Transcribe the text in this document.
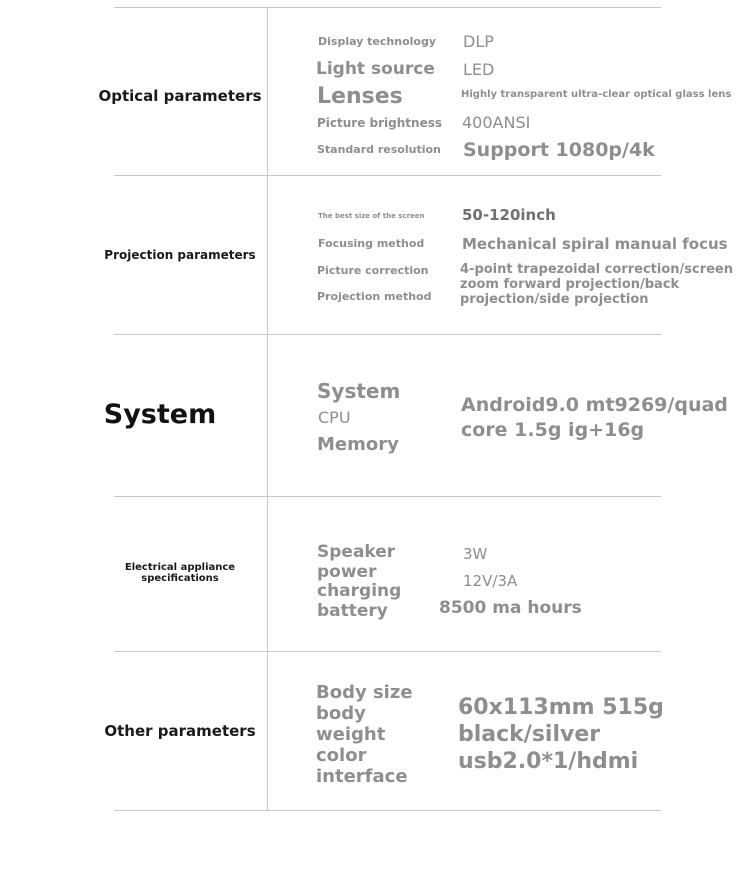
Optical parameters
Display technology
Light source
Lenses
Picture brightness
Standard resolution
DLP
LED
Highly transparent ultra-clear optical glass lens
400ANSI
Support 1080p/4k
Projection parameters
The best size of the screen
Focusing method
Picture correction
Projection method
50-120inch
Mechanical spiral manual focus
4-point trapezoidal correction/screen
zoom forward projection/back
projection/side projection
System
System
CPU
Memory
Android9.0 mt9269/quad
core 1.5g ig+16g
Electrical appliance
specifications
Speaker
power
charging
battery
3W
12V/3A
8500 ma hours
Other parameters
Body size
body
weight
color
interface
60x113mm 515g
black/silver
usb2.0*1/hdmi
